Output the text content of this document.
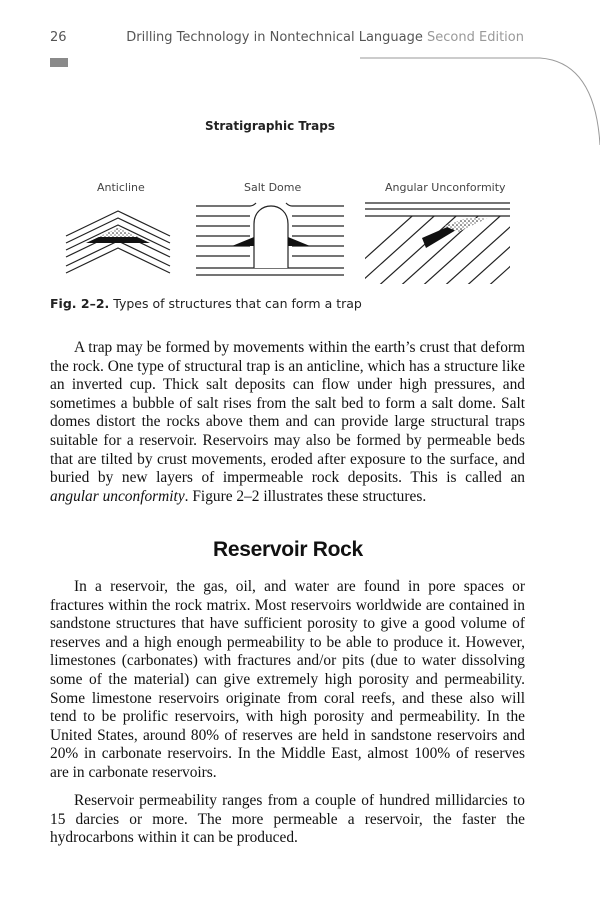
26	Drilling Technology in Nontechnical Language Second Edition
Stratigraphic Traps
Anticline	Salt Dome	Angular Unconformity
Fig. 2–2. Types of structures that can form a trap

A trap may be formed by movements within the earth’s crust that deform the rock. One type of structural trap is an anticline, which has a structure like an inverted cup. Thick salt deposits can flow under high pressures, and sometimes a bubble of salt rises from the salt bed to form a salt dome. Salt domes distort the rocks above them and can provide large structural traps suitable for a reservoir. Reservoirs may also be formed by permeable beds that are tilted by crust movements, eroded after exposure to the surface, and buried by new layers of impermeable rock deposits. This is called an angular unconformity. Figure 2–2 illustrates these structures.

Reservoir Rock

In a reservoir, the gas, oil, and water are found in pore spaces or fractures within the rock matrix. Most reservoirs worldwide are contained in sandstone structures that have sufficient porosity to give a good volume of reserves and a high enough permeability to be able to produce it. However, limestones (carbonates) with fractures and/or pits (due to water dissolving some of the material) can give extremely high porosity and permeability. Some limestone reservoirs originate from coral reefs, and these also will tend to be prolific reservoirs, with high porosity and permeability. In the United States, around 80% of reserves are held in sandstone reservoirs and 20% in carbonate reservoirs. In the Middle East, almost 100% of reserves are in carbonate reservoirs.

Reservoir permeability ranges from a couple of hundred millidarcies to 15 darcies or more. The more permeable a reservoir, the faster the hydrocarbons within it can be produced.
